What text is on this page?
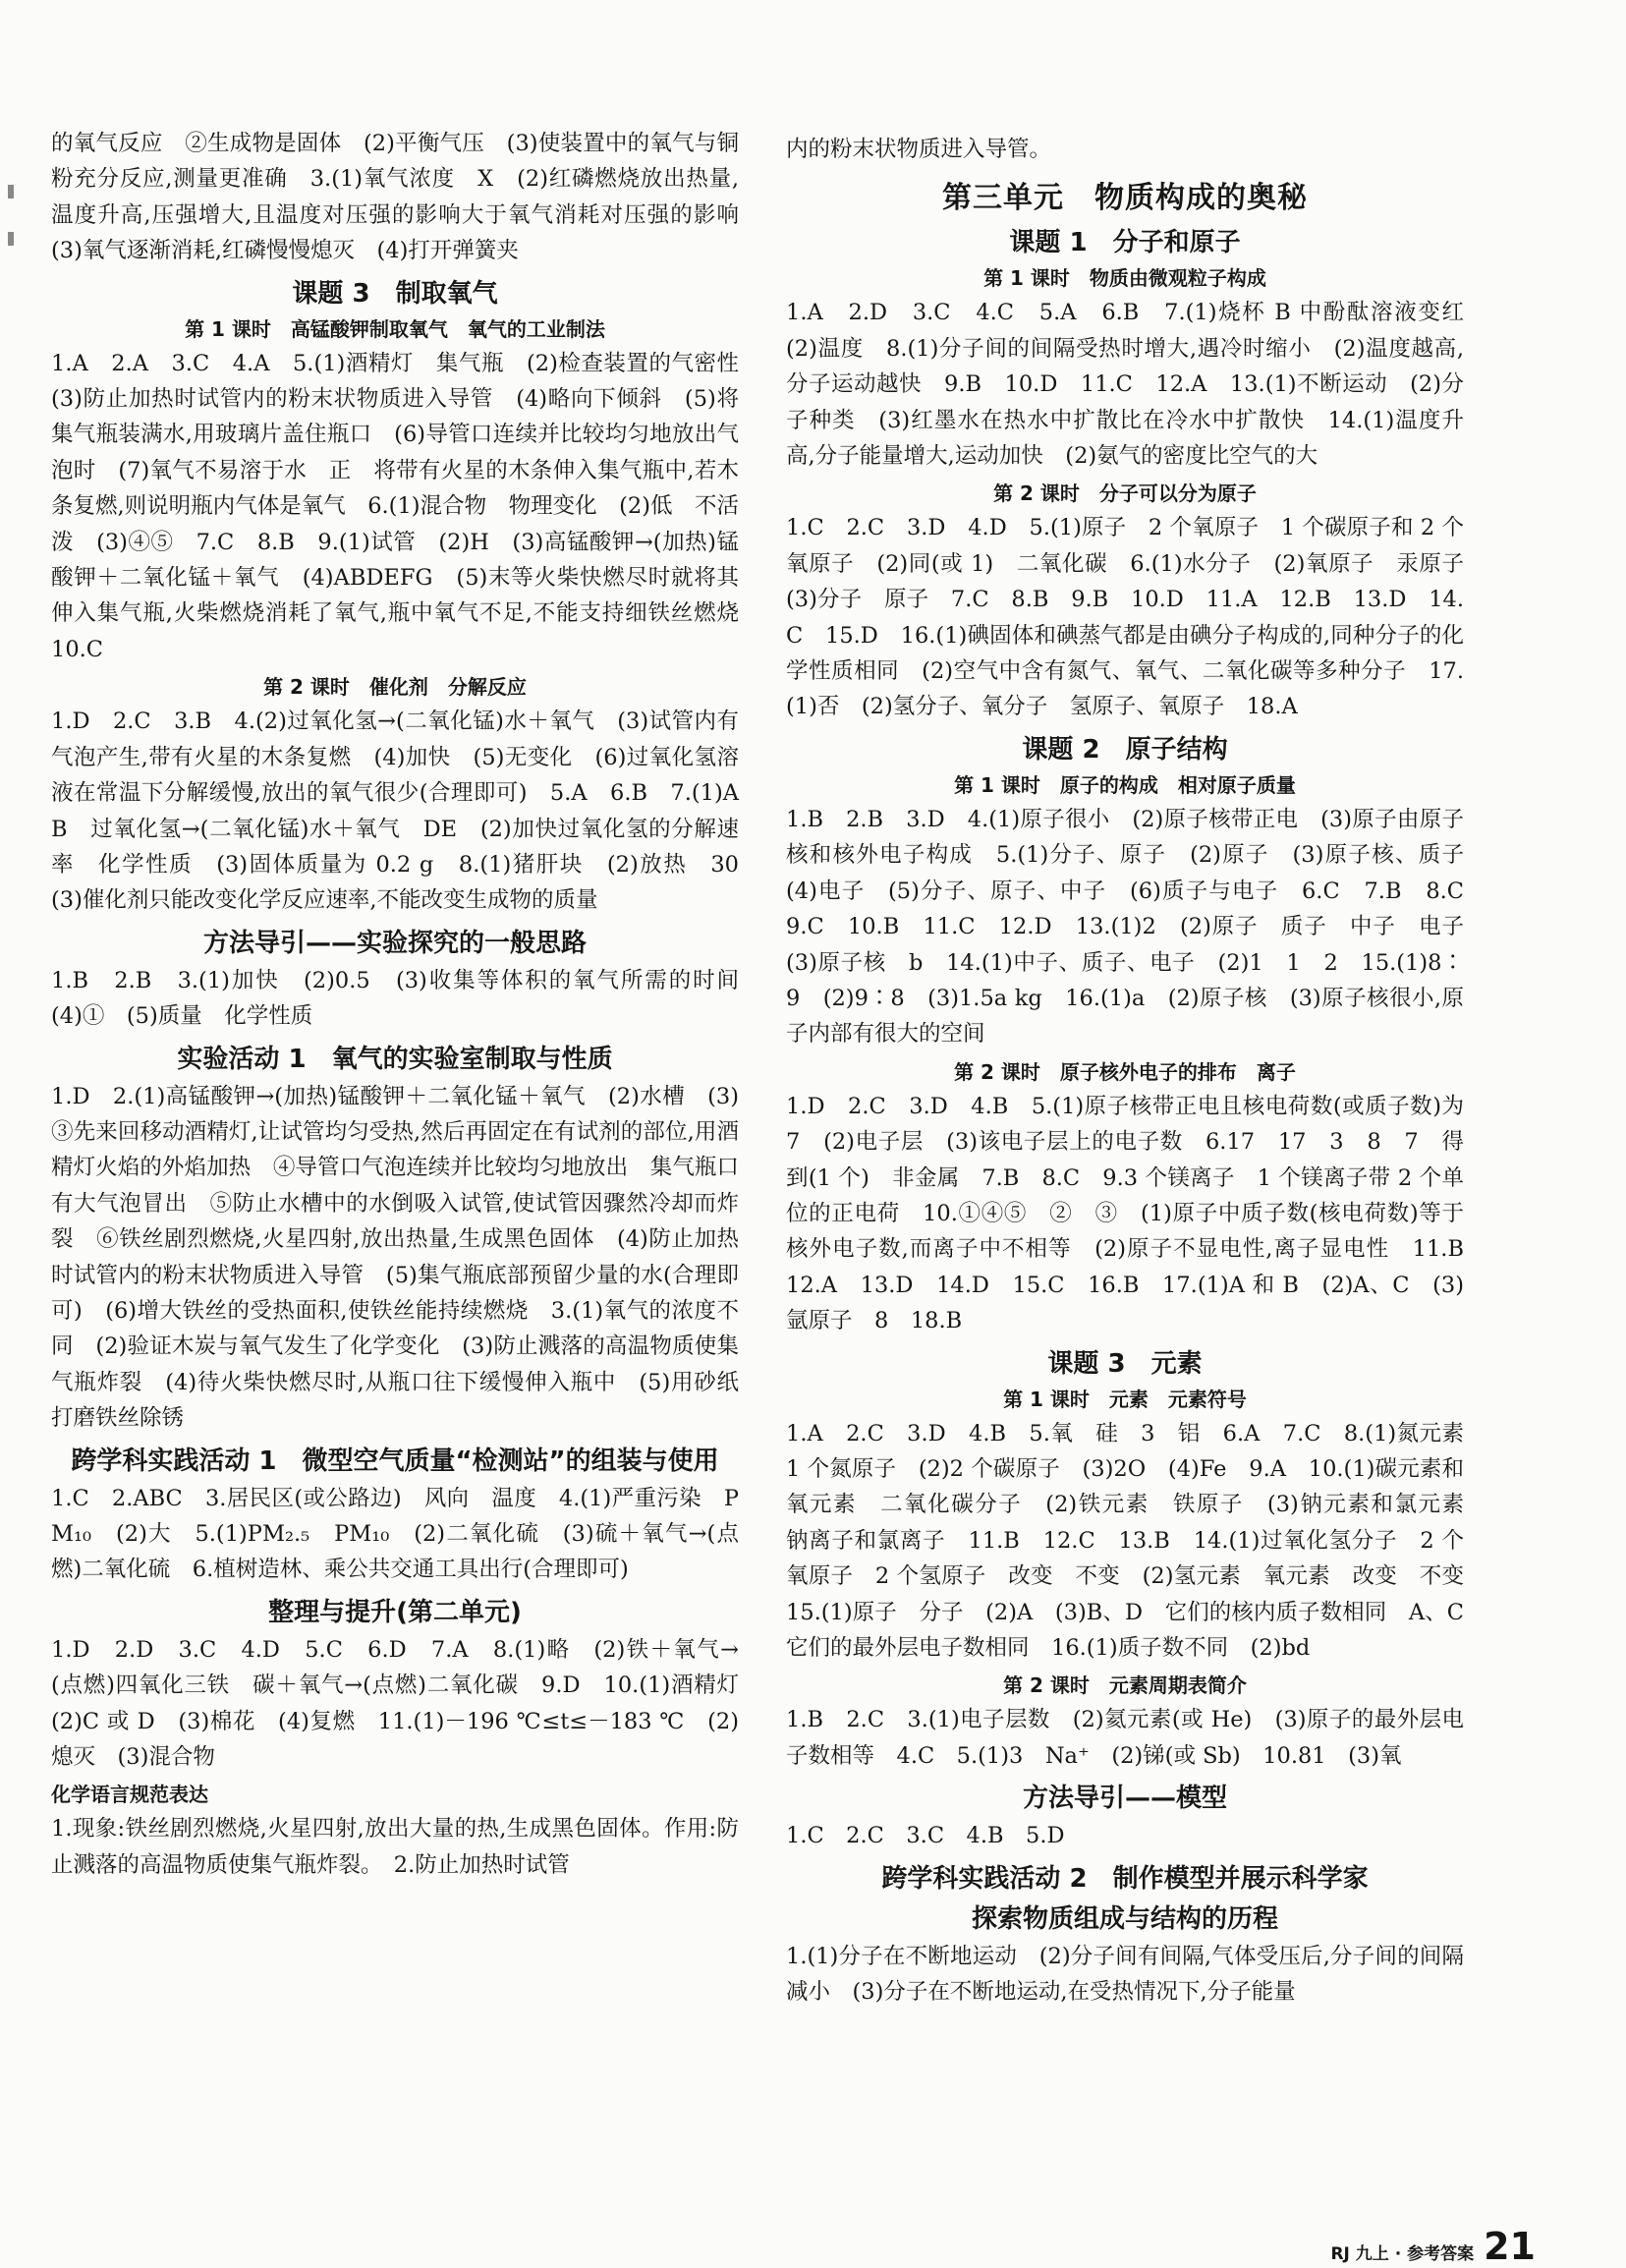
的氧气反应　②生成物是固体　(2)平衡气压　(3)使装置中的氧气与铜粉充分反应,测量更准确　3.(1)氧气浓度　X　(2)红磷燃烧放出热量,温度升高,压强增大,且温度对压强的影响大于氧气消耗对压强的影响　(3)氧气逐渐消耗,红磷慢慢熄灭　(4)打开弹簧夹

课题 3　制取氧气
第 1 课时　高锰酸钾制取氧气　氧气的工业制法

1.A　2.A　3.C　4.A　5.(1)酒精灯　集气瓶　(2)检查装置的气密性　(3)防止加热时试管内的粉末状物质进入导管　(4)略向下倾斜　(5)将集气瓶装满水,用玻璃片盖住瓶口　(6)导管口连续并比较均匀地放出气泡时　(7)氧气不易溶于水　正　将带有火星的木条伸入集气瓶中,若木条复燃,则说明瓶内气体是氧气　6.(1)混合物　物理变化　(2)低　不活泼　(3)④⑤　7.C　8.B　9.(1)试管　(2)H　(3)高锰酸钾→(加热)锰酸钾＋二氧化锰＋氧气　(4)ABDEFG　(5)末等火柴快燃尽时就将其伸入集气瓶,火柴燃烧消耗了氧气,瓶中氧气不足,不能支持细铁丝燃烧　10.C

第 2 课时　催化剂　分解反应

1.D　2.C　3.B　4.(2)过氧化氢→(二氧化锰)水＋氧气　(3)试管内有气泡产生,带有火星的木条复燃　(4)加快　(5)无变化　(6)过氧化氢溶液在常温下分解缓慢,放出的氧气很少(合理即可)　5.A　6.B　7.(1)AB　过氧化氢→(二氧化锰)水＋氧气　DE　(2)加快过氧化氢的分解速率　化学性质　(3)固体质量为 0.2 g　8.(1)猪肝块　(2)放热　30　(3)催化剂只能改变化学反应速率,不能改变生成物的质量

方法导引——实验探究的一般思路

1.B　2.B　3.(1)加快　(2)0.5　(3)收集等体积的氧气所需的时间　(4)①　(5)质量　化学性质

实验活动 1　氧气的实验室制取与性质

1.D　2.(1)高锰酸钾→(加热)锰酸钾＋二氧化锰＋氧气　(2)水槽　(3)③先来回移动酒精灯,让试管均匀受热,然后再固定在有试剂的部位,用酒精灯火焰的外焰加热　④导管口气泡连续并比较均匀地放出　集气瓶口有大气泡冒出　⑤防止水槽中的水倒吸入试管,使试管因骤然冷却而炸裂　⑥铁丝剧烈燃烧,火星四射,放出热量,生成黑色固体　(4)防止加热时试管内的粉末状物质进入导管　(5)集气瓶底部预留少量的水(合理即可)　(6)增大铁丝的受热面积,使铁丝能持续燃烧　3.(1)氧气的浓度不同　(2)验证木炭与氧气发生了化学变化　(3)防止溅落的高温物质使集气瓶炸裂　(4)待火柴快燃尽时,从瓶口往下缓慢伸入瓶中　(5)用砂纸打磨铁丝除锈

跨学科实践活动 1　微型空气质量“检测站”的组装与使用

1.C　2.ABC　3.居民区(或公路边)　风向　温度　4.(1)严重污染　PM₁₀　(2)大　5.(1)PM₂.₅　PM₁₀　(2)二氧化硫　(3)硫＋氧气→(点燃)二氧化硫　6.植树造林、乘公共交通工具出行(合理即可)

整理与提升(第二单元)

1.D　2.D　3.C　4.D　5.C　6.D　7.A　8.(1)略　(2)铁＋氧气→(点燃)四氧化三铁　碳＋氧气→(点燃)二氧化碳　9.D　10.(1)酒精灯　(2)C 或 D　(3)棉花　(4)复燃　11.(1)－196 ℃≤t≤－183 ℃　(2)熄灭　(3)混合物

化学语言规范表达

1.现象:铁丝剧烈燃烧,火星四射,放出大量的热,生成黑色固体。作用:防止溅落的高温物质使集气瓶炸裂。　2.防止加热时试管

内的粉末状物质进入导管。

第三单元　物质构成的奥秘
课题 1　分子和原子
第 1 课时　物质由微观粒子构成

1.A　2.D　3.C　4.C　5.A　6.B　7.(1)烧杯 B 中酚酞溶液变红　(2)温度　8.(1)分子间的间隔受热时增大,遇冷时缩小　(2)温度越高,分子运动越快　9.B　10.D　11.C　12.A　13.(1)不断运动　(2)分子种类　(3)红墨水在热水中扩散比在冷水中扩散快　14.(1)温度升高,分子能量增大,运动加快　(2)氨气的密度比空气的大

第 2 课时　分子可以分为原子

1.C　2.C　3.D　4.D　5.(1)原子　2 个氧原子　1 个碳原子和 2 个氧原子　(2)同(或 1)　二氧化碳　6.(1)水分子　(2)氧原子　汞原子　(3)分子　原子　7.C　8.B　9.B　10.D　11.A　12.B　13.D　14.C　15.D　16.(1)碘固体和碘蒸气都是由碘分子构成的,同种分子的化学性质相同　(2)空气中含有氮气、氧气、二氧化碳等多种分子　17.(1)否　(2)氢分子、氧分子　氢原子、氧原子　18.A

课题 2　原子结构
第 1 课时　原子的构成　相对原子质量

1.B　2.B　3.D　4.(1)原子很小　(2)原子核带正电　(3)原子由原子核和核外电子构成　5.(1)分子、原子　(2)原子　(3)原子核、质子　(4)电子　(5)分子、原子、中子　(6)质子与电子　6.C　7.B　8.C　9.C　10.B　11.C　12.D　13.(1)2　(2)原子　质子　中子　电子　(3)原子核　b　14.(1)中子、质子、电子　(2)1　1　2　15.(1)8∶9　(2)9∶8　(3)1.5a kg　16.(1)a　(2)原子核　(3)原子核很小,原子内部有很大的空间

第 2 课时　原子核外电子的排布　离子

1.D　2.C　3.D　4.B　5.(1)原子核带正电且核电荷数(或质子数)为 7　(2)电子层　(3)该电子层上的电子数　6.17　17　3　8　7　得到(1 个)　非金属　7.B　8.C　9.3 个镁离子　1 个镁离子带 2 个单位的正电荷　10.①④⑤　②　③　(1)原子中质子数(核电荷数)等于核外电子数,而离子中不相等　(2)原子不显电性,离子显电性　11.B　12.A　13.D　14.D　15.C　16.B　17.(1)A 和 B　(2)A、C　(3)氩原子　8　18.B

课题 3　元素
第 1 课时　元素　元素符号

1.A　2.C　3.D　4.B　5.氧　硅　3　铝　6.A　7.C　8.(1)氮元素　1 个氮原子　(2)2 个碳原子　(3)2O　(4)Fe　9.A　10.(1)碳元素和氧元素　二氧化碳分子　(2)铁元素　铁原子　(3)钠元素和氯元素　钠离子和氯离子　11.B　12.C　13.B　14.(1)过氧化氢分子　2 个氧原子　2 个氢原子　改变　不变　(2)氢元素　氧元素　改变　不变　15.(1)原子　分子　(2)A　(3)B、D　它们的核内质子数相同　A、C　它们的最外层电子数相同　16.(1)质子数不同　(2)bd

第 2 课时　元素周期表简介

1.B　2.C　3.(1)电子层数　(2)氦元素(或 He)　(3)原子的最外层电子数相等　4.C　5.(1)3　Na⁺　(2)锑(或 Sb)　10.81　(3)氧

方法导引——模型

1.C　2.C　3.C　4.B　5.D

跨学科实践活动 2　制作模型并展示科学家
探索物质组成与结构的历程

1.(1)分子在不断地运动　(2)分子间有间隔,气体受压后,分子间的间隔减小　(3)分子在不断地运动,在受热情况下,分子能量

RJ 九上 · 参考答案 21
